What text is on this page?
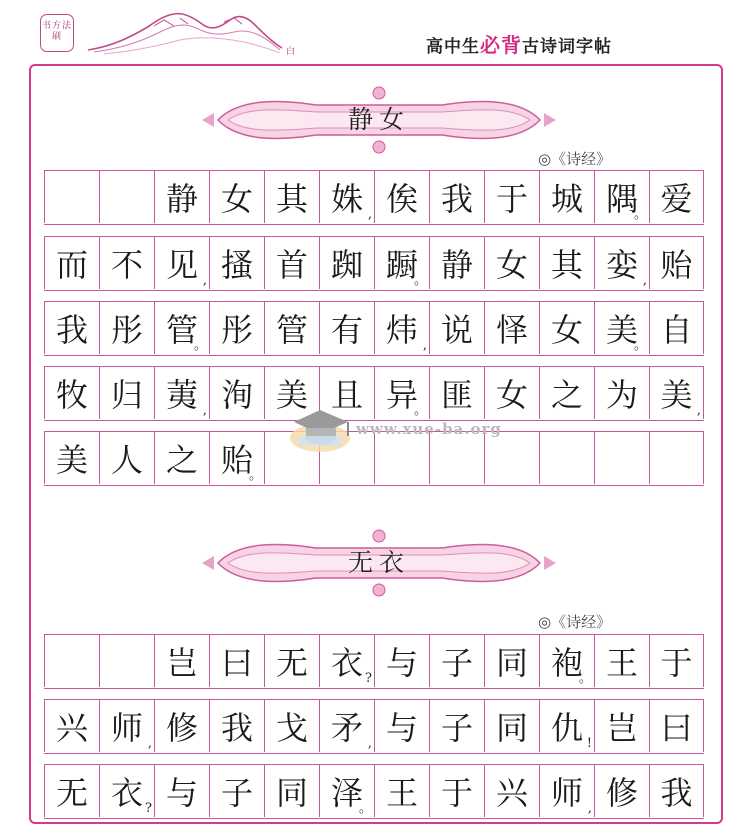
书方法 刷
白	高中生必背古诗词字帖
静女
◎《诗经》
静 女 其 姝 , 俟 我 于 城 隅
。 爱
而 不 见 , 搔 首 踟 蹰
。 静 女 其 娈 , 贻
我 彤 管
。 彤 管 有 炜 , 说 怿 女 美
。 自
牧 归 荑 , 洵 美 且 异
。 匪 女 之 为 美 ,
美 人 之 贻
。
无衣
◎《诗经》
岂 曰 无 衣 ? 与 子 同 袍
。 王 于
兴 师 , 修 我 戈 矛 , 与 子 同 仇 ! 岂 曰
无 衣 ? 与 子 同 泽
。 王 于 兴 师 , 修 我
www.xue-ba.org
